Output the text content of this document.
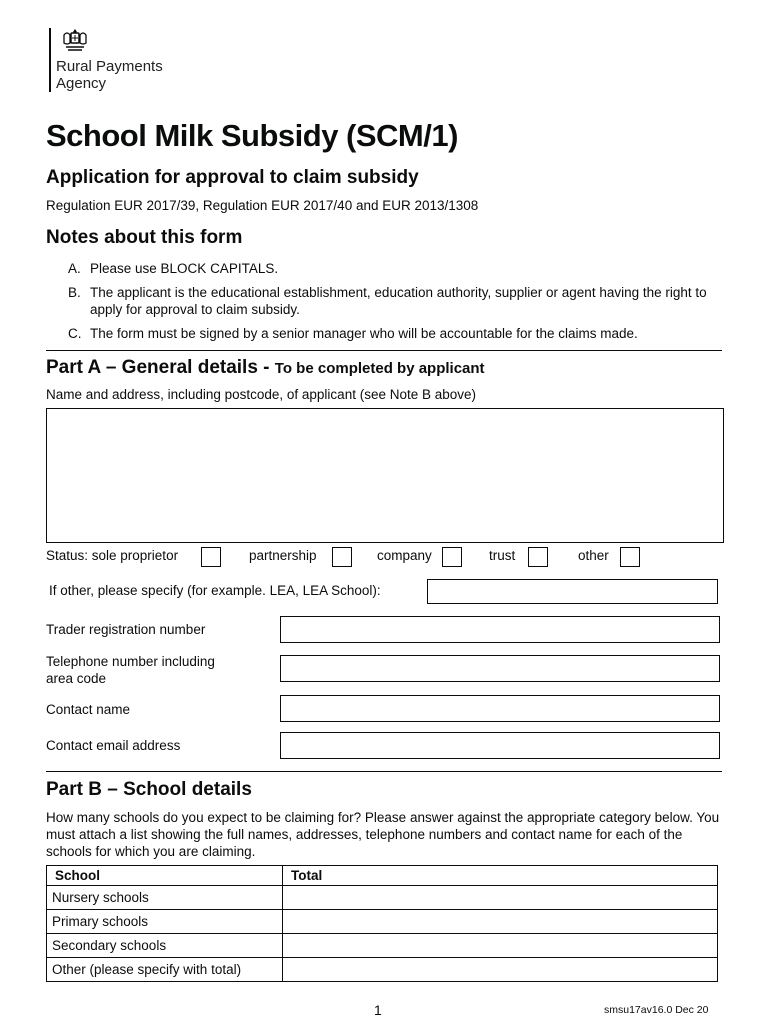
Rural Payments
Agency
School Milk Subsidy (SCM/1)
Application for approval to claim subsidy
Regulation EUR 2017/39, Regulation EUR 2017/40 and EUR 2013/1308
Notes about this form
A. Please use BLOCK CAPITALS.
B. The applicant is the educational establishment, education authority, supplier or agent having the right to apply for approval to claim subsidy.
C. The form must be signed by a senior manager who will be accountable for the claims made.
Part A – General details - To be completed by applicant
Name and address, including postcode, of applicant (see Note B above)
Status: sole proprietor	partnership	company	trust	other
If other, please specify (for example. LEA, LEA School):
Trader registration number
Telephone number including
area code
Contact name
Contact email address
Part B – School details
How many schools do you expect to be claiming for? Please answer against the appropriate category below. You must attach a list showing the full names, addresses, telephone numbers and contact name for each of the schools for which you are claiming.
School	Total
Nursery schools	
Primary schools	
Secondary schools	
Other (please specify with total)	
1	smsu17av16.0 Dec 20
